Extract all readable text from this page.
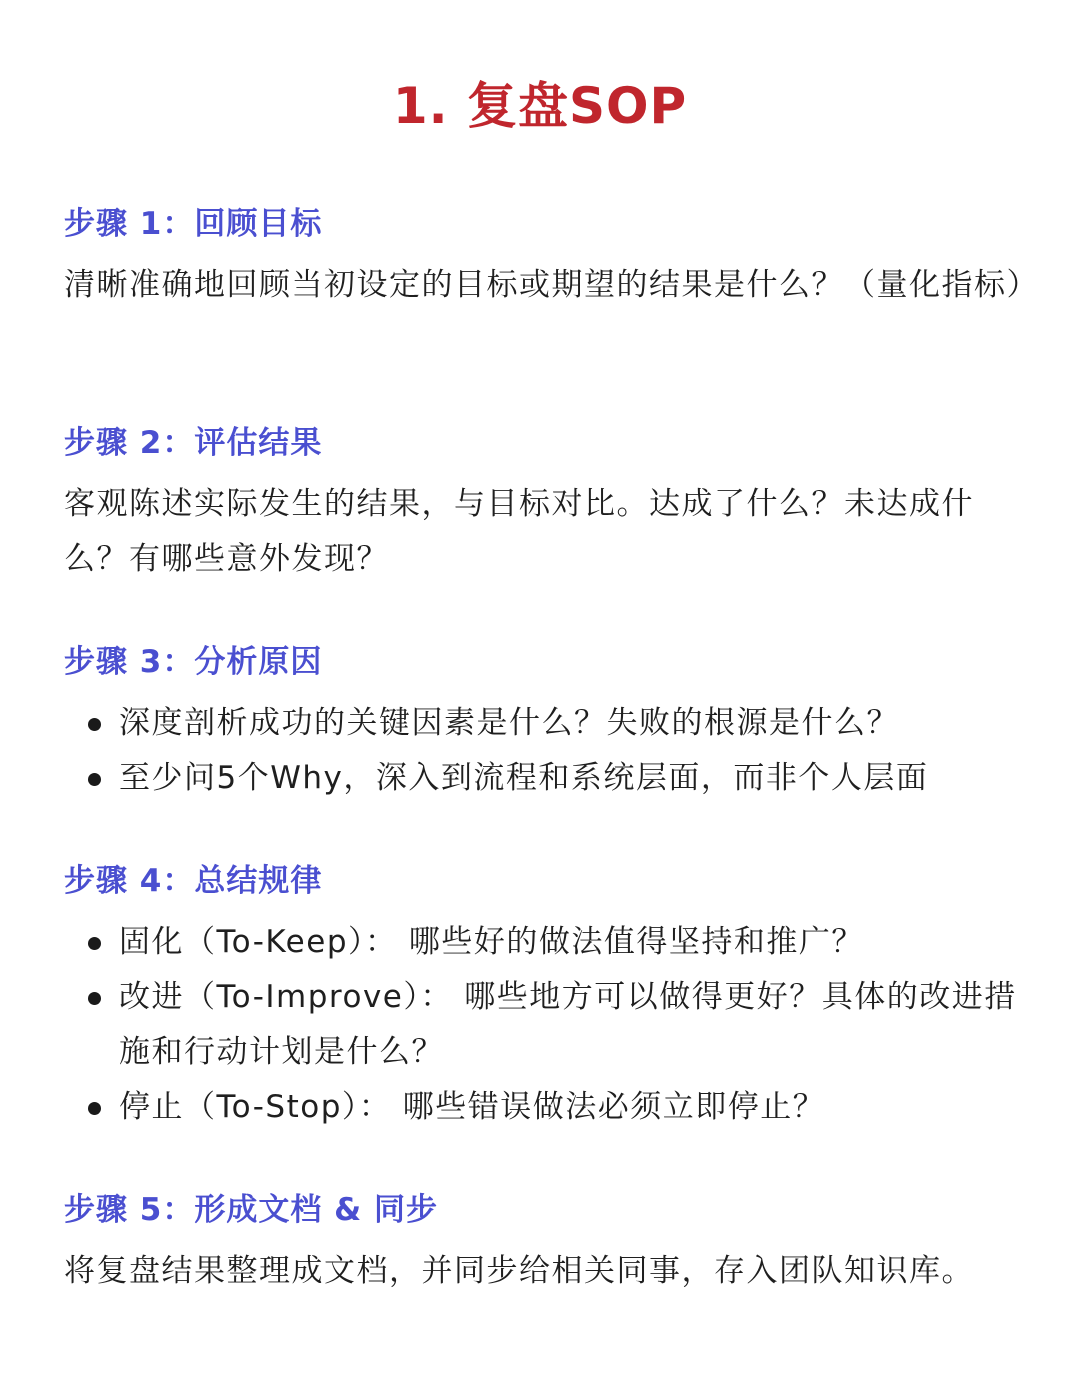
1. 复盘SOP
步骤 1：回顾目标

清晰准确地回顾当初设定的目标或期望的结果是什么？（量化指标）

步骤 2：评估结果

客观陈述实际发生的结果，与目标对比。达成了什么？未达成什么？有哪些意外发现？

步骤 3：分析原因
深度剖析成功的关键因素是什么？失败的根源是什么？
至少问5个Why，深入到流程和系统层面，而非个人层面
步骤 4：总结规律
固化（To-Keep）： 哪些好的做法值得坚持和推广？
改进（To-Improve）： 哪些地方可以做得更好？具体的改进措施和行动计划是什么？
停止（To-Stop）： 哪些错误做法必须立即停止？
步骤 5：形成文档 & 同步

将复盘结果整理成文档，并同步给相关同事，存入团队知识库。
